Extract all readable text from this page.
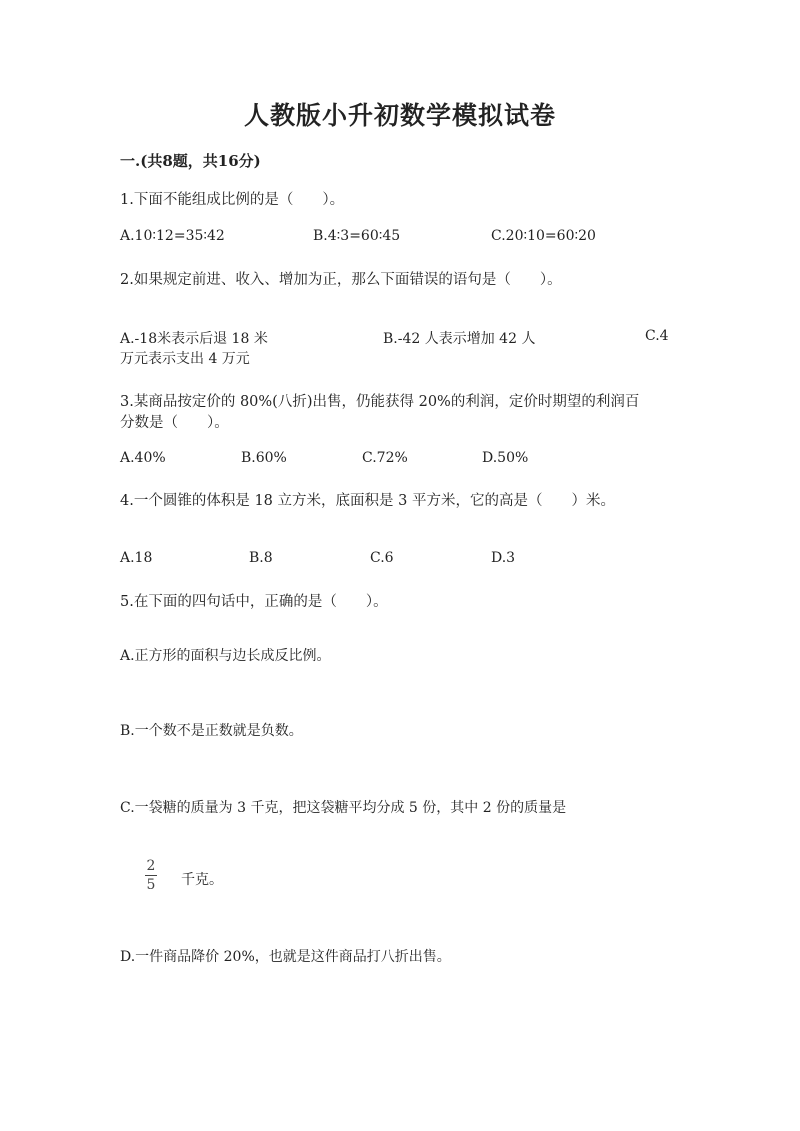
人教版小升初数学模拟试卷
一.(共8题，共16分)
1.下面不能组成比例的是（　　）。
A.10∶12=35∶42	B.4∶3=60∶45	C.20∶10=60∶20
2.如果规定前进、收入、增加为正，那么下面错误的语句是（　　）。
A.-18米表示后退 18 米	B.-42 人表示增加 42 人	C.4
万元表示支出 4 万元
3.某商品按定价的 80%(八折)出售，仍能获得 20%的利润，定价时期望的利润百
分数是（　　）。
A.40%	B.60%	C.72%	D.50%
4.一个圆锥的体积是 18 立方米，底面积是 3 平方米，它的高是（　　）米。
A.18	B.8	C.6	D.3
5.在下面的四句话中，正确的是（　　）。
A.正方形的面积与边长成反比例。
B.一个数不是正数就是负数。
C.一袋糖的质量为 3 千克，把这袋糖平均分成 5 份，其中 2 份的质量是
2
5 千克。
D.一件商品降价 20%，也就是这件商品打八折出售。
